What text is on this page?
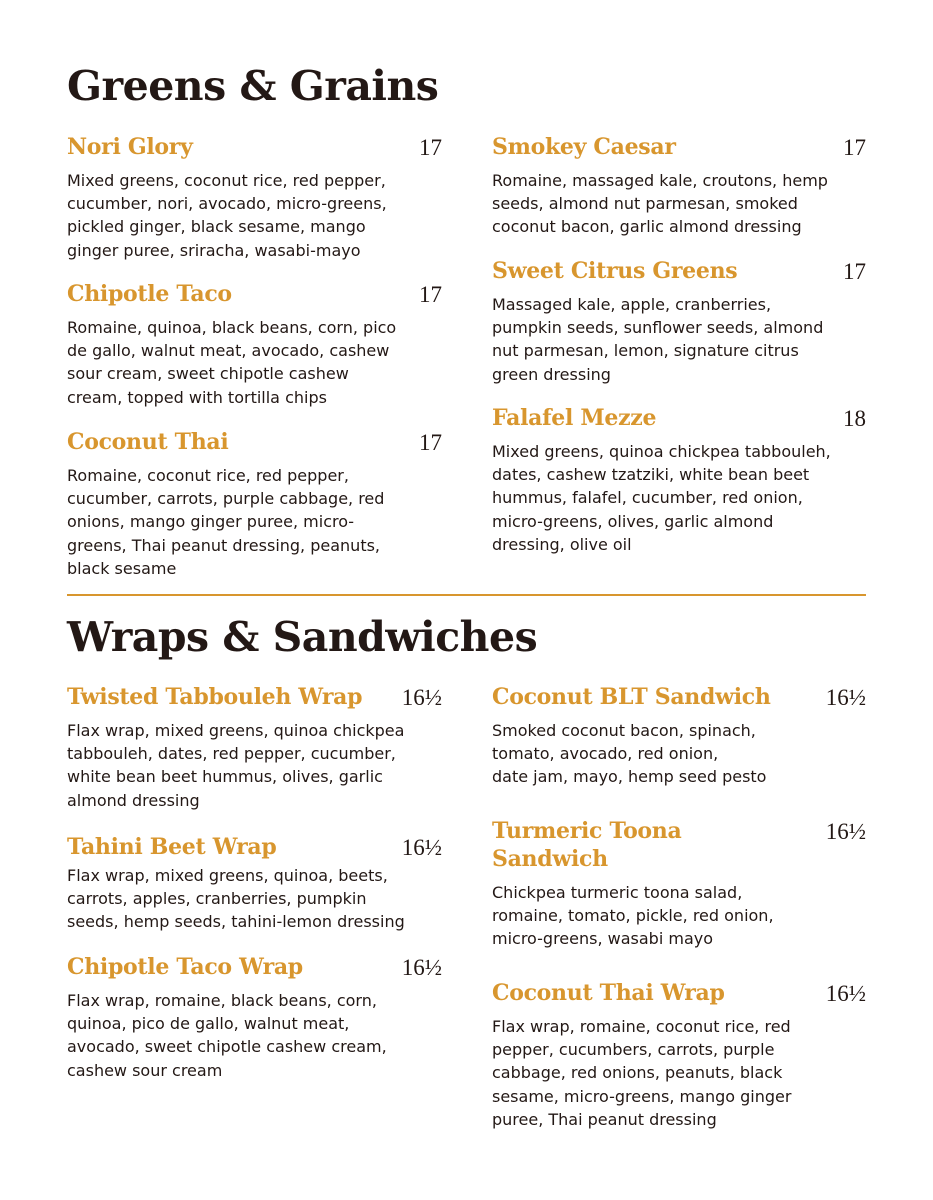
Greens & Grains
Nori Glory	17

Mixed greens, coconut rice, red pepper,
cucumber, nori, avocado, micro-greens,
pickled ginger, black sesame, mango
ginger puree, sriracha, wasabi-mayo

Chipotle Taco	17

Romaine, quinoa, black beans, corn, pico
de gallo, walnut meat, avocado, cashew
sour cream, sweet chipotle cashew
cream, topped with tortilla chips

Coconut Thai	17

Romaine, coconut rice, red pepper,
cucumber, carrots, purple cabbage, red
onions, mango ginger puree, micro-
greens, Thai peanut dressing, peanuts,
black sesame

Smokey Caesar	17

Romaine, massaged kale, croutons, hemp
seeds, almond nut parmesan, smoked
coconut bacon, garlic almond dressing

Sweet Citrus Greens	17

Massaged kale, apple, cranberries,
pumpkin seeds, sunflower seeds, almond
nut parmesan, lemon, signature citrus
green dressing

Falafel Mezze	18

Mixed greens, quinoa chickpea tabbouleh,
dates, cashew tzatziki, white bean beet
hummus, falafel, cucumber, red onion,
micro-greens, olives, garlic almond
dressing, olive oil

Wraps & Sandwiches
Twisted Tabbouleh Wrap 16½

Flax wrap, mixed greens, quinoa chickpea
tabbouleh, dates, red pepper, cucumber,
white bean beet hummus, olives, garlic
almond dressing

Tahini Beet Wrap	16½

Flax wrap, mixed greens, quinoa, beets,
carrots, apples, cranberries, pumpkin
seeds, hemp seeds, tahini-lemon dressing

Chipotle Taco Wrap	16½

Flax wrap, romaine, black beans, corn,
quinoa, pico de gallo, walnut meat,
avocado, sweet chipotle cashew cream,
cashew sour cream

Coconut BLT Sandwich 16½

Smoked coconut bacon, spinach,
tomato, avocado, red onion,
date jam, mayo, hemp seed pesto

Turmeric Toona
Sandwich
16½

Chickpea turmeric toona salad,
romaine, tomato, pickle, red onion,
micro-greens, wasabi mayo

Coconut Thai Wrap	16½

Flax wrap, romaine, coconut rice, red
pepper, cucumbers, carrots, purple
cabbage, red onions, peanuts, black
sesame, micro-greens, mango ginger
puree, Thai peanut dressing
